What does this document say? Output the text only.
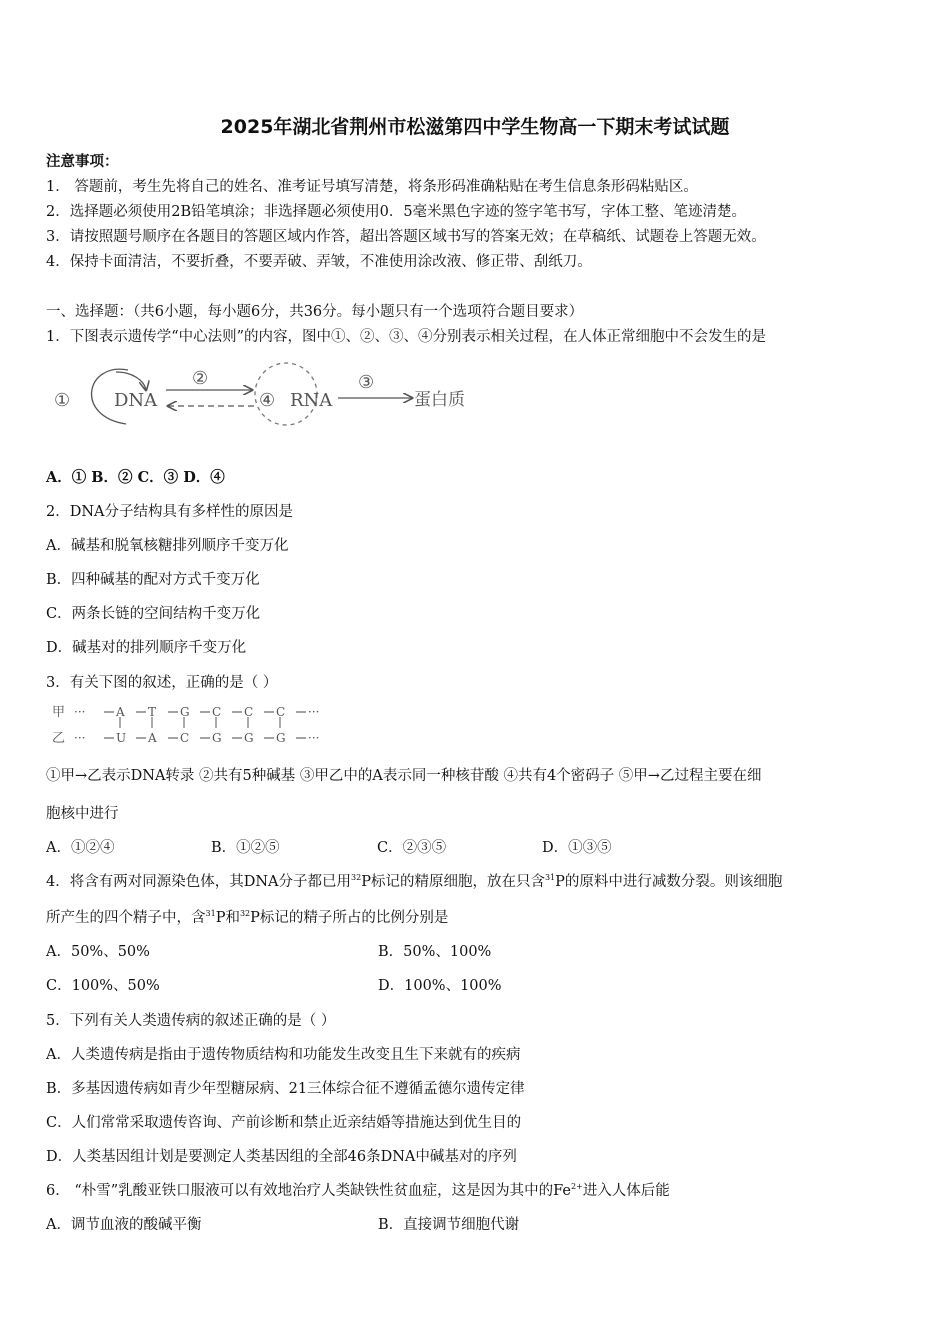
2025年湖北省荆州市松滋第四中学生物高一下期末考试试题
注意事项：
1． 答题前，考生先将自己的姓名、准考证号填写清楚，将条形码准确粘贴在考生信息条形码粘贴区。
2．选择题必须使用2B铅笔填涂；非选择题必须使用0．5毫米黑色字迹的签字笔书写，字体工整、笔迹清楚。
3．请按照题号顺序在各题目的答题区域内作答，超出答题区域书写的答案无效；在草稿纸、试题卷上答题无效。
4．保持卡面清洁，不要折叠，不要弄破、弄皱，不准使用涂改液、修正带、刮纸刀。
一、选择题：（共6小题，每小题6分，共36分。每小题只有一个选项符合题目要求）
1．下图表示遗传学“中心法则”的内容，图中①、②、③、④分别表示相关过程，在人体正常细胞中不会发生的是
① DNA
②
④ RNA
③
蛋白质
A．① B．② C．③ D．④
2．DNA分子结构具有多样性的原因是
A．碱基和脱氧核糖排列顺序千变万化
B．四种碱基的配对方式千变万化
C．两条长链的空间结构千变万化
D．碱基对的排列顺序千变万化
3．有关下图的叙述，正确的是（ ）
甲
乙
···	A T G C C C ···
···	U A C G G G ···
①甲→乙表示DNA转录 ②共有5种碱基 ③甲乙中的A表示同一种核苷酸 ④共有4个密码子 ⑤甲→乙过程主要在细
胞核中进行
A．①②④	B．①②⑤	C．②③⑤	D．①③⑤
4．将含有两对同源染色体，其DNA分子都已用$^{32}$P标记的精原细胞，放在只含$^{31}$P的原料中进行减数分裂。则该细胞
所产生的四个精子中，含$^{31}$P和$^{32}$P标记的精子所占的比例分别是
A．50%、50%	B．50%、100%
C．100%、50%	D．100%、100%
5．下列有关人类遗传病的叙述正确的是（ ）
A．人类遗传病是指由于遗传物质结构和功能发生改变且生下来就有的疾病
B．多基因遗传病如青少年型糖尿病、21三体综合征不遵循孟德尔遗传定律
C．人们常常采取遗传咨询、产前诊断和禁止近亲结婚等措施达到优生目的
D．人类基因组计划是要测定人类基因组的全部46条DNA中碱基对的序列
6． “朴雪”乳酸亚铁口服液可以有效地治疗人类缺铁性贫血症，这是因为其中的$Fe^{2+}$进入人体后能
A．调节血液的酸碱平衡	B．直接调节细胞代谢
